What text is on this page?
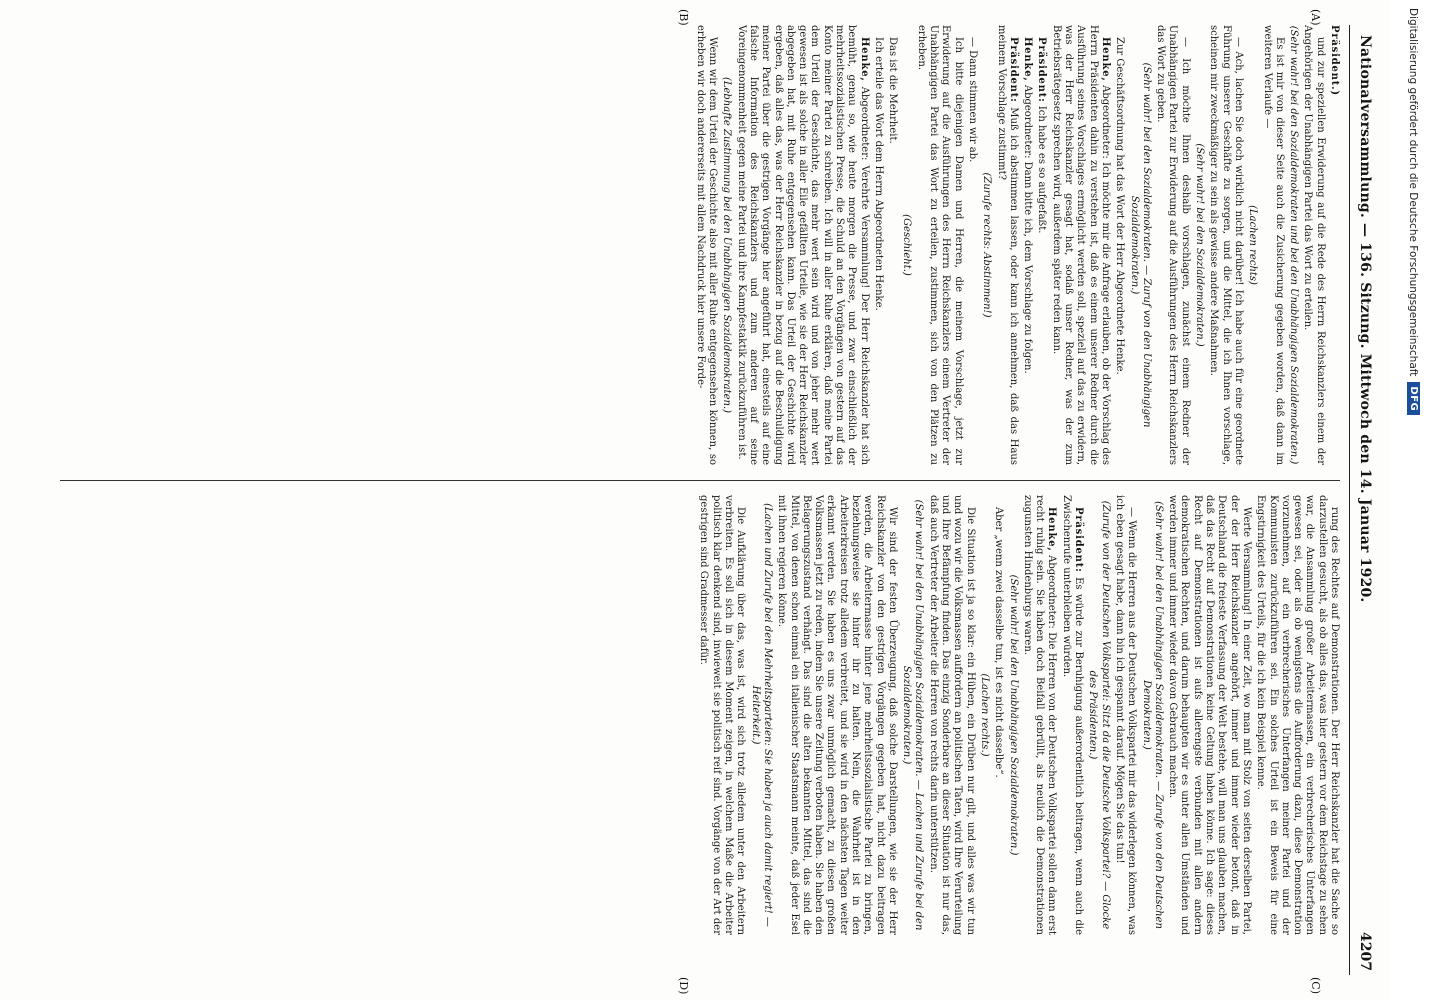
Nationalversammlung. — 136. Sitzung. Mittwoch den 14. Januar 1920.
4207
(A)
(B)
(C)
(D)

Präsident.)

und zur speziellen Erwiderung auf die Rede des Herrn Reichskanzlers einem der Angehörigen der Unabhängigen Partei das Wort zu erteilen.

(Sehr wahr! bei den Sozialdemokraten und bei den Unabhängigen Sozialdemokraten.)

Es ist mir von dieser Seite auch die Zusicherung gegeben worden, daß dann im weiteren Verlaufe —

(Lachen rechts)

— Ach, lachen Sie doch wirklich nicht darüber! Ich habe auch für eine geordnete Führung unserer Geschäfte zu sorgen, und die Mittel, die ich Ihnen vorschlage, scheinen mir zweckmäßiger zu sein als gewisse andere Maßnahmen.

(Sehr wahr! bei den Sozialdemokraten.)

— Ich möchte Ihnen deshalb vorschlagen, zunächst einem Redner der Unabhängigen Partei zur Erwiderung auf die Ausführungen des Herrn Reichskanzlers das Wort zu geben.

(Sehr wahr! bei den Sozialdemokraten. — Zuruf von den Unabhängigen Sozialdemokraten.)

Zur Geschäftsordnung hat das Wort der Herr Abgeordnete Henke.

Henke, Abgeordneter: Ich möchte mir die Anfrage erlauben, ob der Vorschlag des Herrn Präsidenten dahin zu verstehen ist, daß es einem unserer Redner durch die Ausführung seines Vorschlages ermöglicht werden soll, speziell auf das zu erwidern, was der Herr Reichskanzler gesagt hat, sodaß unser Redner, was der zum Betriebsrätegesetz sprechen wird, außerdem später reden kann.

Präsident: Ich habe es so aufgefaßt.

Henke, Abgeordneter: Dann bitte ich, dem Vorschlage zu folgen.

Präsident: Muß ich abstimmen lassen, oder kann ich annehmen, daß das Haus meinem Vorschlage zustimmt?

(Zurufe rechts: Abstimmen!)

— Dann stimmen wir ab.

Ich bitte diejenigen Damen und Herren, die meinem Vorschlage, jetzt zur Erwiderung auf die Ausführungen des Herrn Reichskanzlers einem Vertreter der Unabhängigen Partei das Wort zu erteilen, zustimmen, sich von den Plätzen zu erheben.

(Geschieht.)

Das ist die Mehrheit.

Ich erteile das Wort dem Herrn Abgeordneten Henke.

Henke, Abgeordneter: Verehrte Versammlung! Der Herr Reichskanzler hat sich bemüht, genau so, wie heute morgen die Presse, und zwar einschließlich der mehrheitssozialistischen Presse, die Schuld an den Vorgängen von gestern auf das Konto meiner Partei zu schreiben. Ich will in aller Ruhe erklären, daß meine Partei dem Urteil der Geschichte, das mehr wert sein wird und von jeher mehr wert gewesen ist als solche in aller Eile gefällten Urteile, wie sie der Herr Reichskanzler abgegeben hat, mit Ruhe entgegensehen kann. Das Urteil der Geschichte wird ergeben, daß alles das, was der Herr Reichskanzler in bezug auf die Beschuldigung meiner Partei über die gestrigen Vorgänge hier angeführt hat, einesteils auf eine falsche Information des Reichskanzlers und zum anderen auf seine Voreingenommenheit gegen meine Partei und ihre Kampfestaktik zurückzuführen ist.

(Lebhafte Zustimmung bei den Unabhängigen Sozialdemokraten.)

Wenn wir dem Urteil der Geschichte also mit aller Ruhe entgegensehen können, so erheben wir doch andererseits mit allem Nachdruck hier unsere Forde-

rung des Rechtes auf Demonstrationen. Der Herr Reichskanzler hat die Sache so darzustellen gesucht, als ob alles das, was hier gestern vor dem Reichstage zu sehen war, die Ansammlung großer Arbeitermassen, ein verbrecherisches Unterfangen gewesen sei, oder als ob wenigstens die Aufforderung dazu, diese Demonstration vorzunehmen, auf ein verbrecherisches Unterfangen meiner Partei und der Kommunisten zurückzuführen sei. Ein solches Urteil ist ein Beweis für eine Engstirnigkeit des Urteils, für die ich kein Beispiel kenne.

Werte Versammlung! In einer Zeit, wo man mit Stolz von seiten derselben Partei, der der Herr Reichskanzler angehört, immer und immer wieder betont, daß in Deutschland die freieste Verfassung der Welt bestehe, will man uns glauben machen, daß das Recht auf Demonstrationen keine Geltung haben könne. Ich sage: dieses Recht auf Demonstrationen ist aufs allerengste verbunden mit allen andern demokratischen Rechten, und darum behaupten wir es unter allen Umständen und werden immer und immer wieder davon Gebrauch machen.

(Sehr wahr! bei den Unabhängigen Sozialdemokraten. — Zurufe von den Deutschen Demokraten.)

— Wenn die Herren aus der Deutschen Volkspartei mir das widerlegen können, was ich eben gesagt habe, dann bin ich gespannt darauf. Mögen Sie das tun!

(Zurufe von der Deutschen Volkspartei: Sitzt da die Deutsche Volkspartei? — Glocke des Präsidenten.)

Präsident: Es würde zur Beruhigung außerordentlich beitragen, wenn auch die Zwischenrufe unterbleiben würden.

Henke, Abgeordneter: Die Herren von der Deutschen Volkspartei sollen dann erst recht ruhig sein. Sie haben doch Beifall gebrüllt, als neulich die Demonstrationen zugunsten Hindenburgs waren.

(Sehr wahr! bei den Unabhängigen Sozialdemokraten.)

Aber „wenn zwei dasselbe tun, ist es nicht dasselbe“.

(Lachen rechts.)

Die Situation ist ja so klar: ein Hüben, ein Drüben nur gilt, und alles was wir tun und wozu wir die Volksmassen auffordern an politischen Taten, wird Ihre Verurteilung und Ihre Befämpfung finden. Das einzig Sonderbare an dieser Situation ist nur das, daß auch Vertreter der Arbeiter die Herren von rechts darin unterstützen.

(Sehr wahr! bei den Unabhängigen Sozialdemokraten. — Lachen und Zurufe bei den Sozialdemokraten.)

Wir sind der festen Überzeugung, daß solche Darstellungen, wie sie der Herr Reichskanzler von den gestrigen Vorgängen gegeben hat, nicht dazu beitragen werden, die Arbeitermasse hinter jene mehrheitssozialistische Partei zu bringen, beziehungsweise sie hinter ihr zu halten. Nein, die Wahrheit ist in den Arbeiterkreisen trotz alledem verbreitet, und sie wird in den nächsten Tagen weiter erkannt werden. Sie haben es uns zwar unmöglich gemacht, zu diesen großen Volksmassen jetzt zu reden, indem Sie unsere Zeitung verboten haben. Sie haben den Belagerungszustand verhängt. Das sind die alten bekannten Mittel, das sind die Mittel, von denen schon einmal ein italienischer Staatsmann meinte, daß jeder Esel mit ihnen regieren könne.

(Lachen und Zurufe bei den Mehrheitsparteien: Sie haben ja auch damit regiert! — Heiterkeit.)

Die Aufklärung über das, was ist, wird sich trotz alledem unter den Arbeitern verbreiten. Es soll sich in diesem Moment zeigen, in welchem Maße die Arbeiter politisch klar denkend sind, inwieweit sie politisch reif sind. Vorgänge von der Art der gestrigen sind Gradmesser dafür.

Digitalisierung gefördert durch die Deutsche Forschungsgemeinschaft
DFG
